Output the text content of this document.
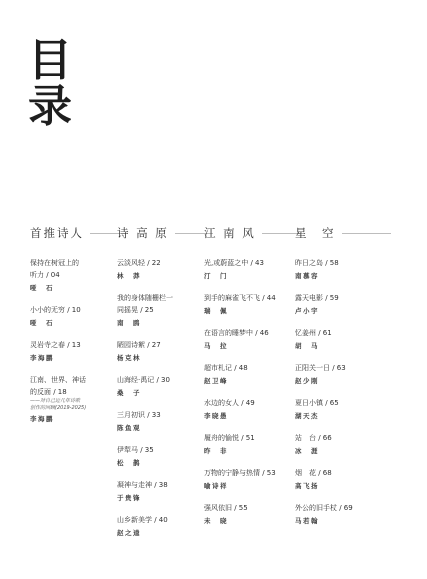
目
录
首推诗人
保持在树冠上的
听力 / 04
哑　石
小小的无穷 / 10
哑　石
灵岩寺之春 / 13
李海鹏
江南、世界、神话
的反面 / 18
——对自己近几年诗歌
创作的回顾(2019-2025)
李海鹏
诗 高 原
云淡风轻 / 22
林　莽
我的身体随栅栏一
同摇晃 / 25
南　鸥
陋园诗絮 / 27
杨克林
山海经·禹记 / 30
桑　子
三月初识 / 33
陈鱼观
伊犁马 / 35
松　鹊
凝神与走神 / 38
于贵锋
山乡新美学 / 40
赵之逵
江 南 风
光,或蔚蓝之中 / 43
汀　门
到手的麻雀飞不飞 / 44
瑞　佩
在语言的睡梦中 / 46
马　拉
超市札记 / 48
赵卫峰
水边的女人 / 49
李晓愚
履舟的愉悦 / 51
昨　非
万物的宁静与热情 / 53
喻诗祥
强风依旧 / 55
未　晓
星　空
昨日之岛 / 58
南慕容
露天电影 / 59
卢小宇
忆姜州 / 61
胡　马
正阳关一日 / 63
赵少刚
夏日小镇 / 65
湖天杰
站　台 / 66
冰　涯
烟　花 / 68
高飞扬
外公的旧手杖 / 69
马若翰
